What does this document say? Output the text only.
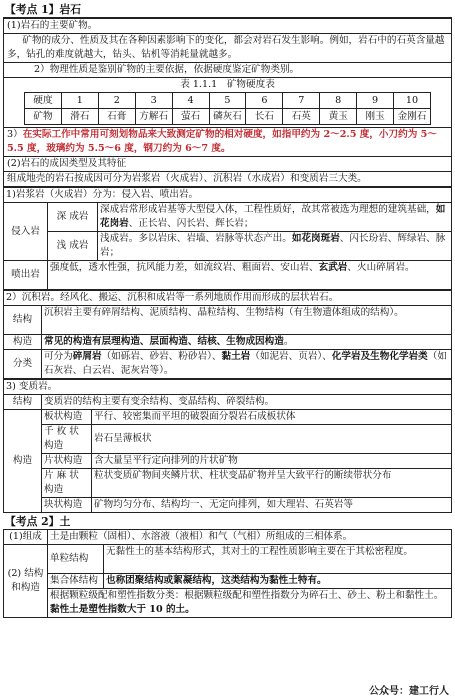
【考点 1】岩石
(1)岩石的主要矿物。
矿物的成分、性质及其在各种因素影响下的变化，都会对岩石发生影响。例如，岩石中的石英含量越多，钻孔的难度就越大，钻头、钻机等消耗量就越多。
2）物理性质是鉴别矿物的主要依据，依据硬度鉴定矿物类别。
表 1.1.1　矿物硬度表
硬度	1	2	3	4	5	6	7	8	9	10
矿物	滑石	石膏	方解石	萤石	磷灰石	长石	石英	黄玉	刚玉	金刚石
3）在实际工作中常用可刻划物品来大致测定矿物的相对硬度，如指甲约为 2～2.5 度，小刀约为 5～5.5 度，玻璃约为 5.5～6 度，钢刀约为 6～7 度。
(2)岩石的成因类型及其特征
组成地壳的岩石按成因可分为岩浆岩（火成岩）、沉积岩（水成岩）和变质岩三大类。
1)岩浆岩（火成岩）分为：侵入岩、喷出岩。		
侵入岩	深 成岩	深成岩常形成岩基等大型侵入体，工程性质好，故其常被选为理想的建筑基础，如花岗岩、正长岩、闪长岩、辉长岩；
	浅 成岩	浅成岩。多以岩床、岩墙、岩脉等状态产出。如花岗斑岩、闪长玢岩、辉绿岩、脉岩；
喷出岩	强度低，透水性强，抗风能力差，如流纹岩、粗面岩、安山岩、玄武岩、火山碎屑岩。	
2）沉积岩。经风化、搬运、沉积和成岩等一系列地质作用而形成的层状岩石。	
结构	沉积岩主要有碎屑结构、泥质结构、晶粒结构、生物结构（有生物遗体组成的结构）。
构造	常见的构造有层理构造、层面构造、结核、生物成因构造。
分类	可分为碎屑岩（如砾岩、砂岩、粉砂岩）、黏土岩（如泥岩、页岩）、化学岩及生物化学岩类（如石灰岩、白云岩、泥灰岩等）。
3) 变质岩。		
结构	变质岩的结构主要有变余结构、变晶结构、碎裂结构。	
构造	板状构造	平行、较密集而平坦的破裂面分裂岩石成板状体
	千 枚 状 构造	岩石呈薄板状
	片状构造	含大量呈平行定向排列的片状矿物
	片 麻 状 构造	粒状变质矿物间夹鳞片状、柱状变晶矿物并呈大致平行的断续带状分布
	块状构造	矿物均匀分布、结构均一、无定向排列，如大理岩、石英岩等
【考点 2】土
(1)组成	土是由颗粒（固相）、水溶液（液相）和气（气相）所组成的三相体系。	
(2) 结构和构造	单粒结构	无黏性土的基本结构形式，其对土的工程性质影响主要在于其松密程度。
	集合体结构	也称团聚结构或絮凝结构，这类结构为黏性土特有。
	根据颗粒级配和塑性指数分类：根据颗粒级配和塑性指数分为碎石土、砂土、粉土和黏性土。黏性土是塑性指数大于 10 的土。	
公众号：建工行人
